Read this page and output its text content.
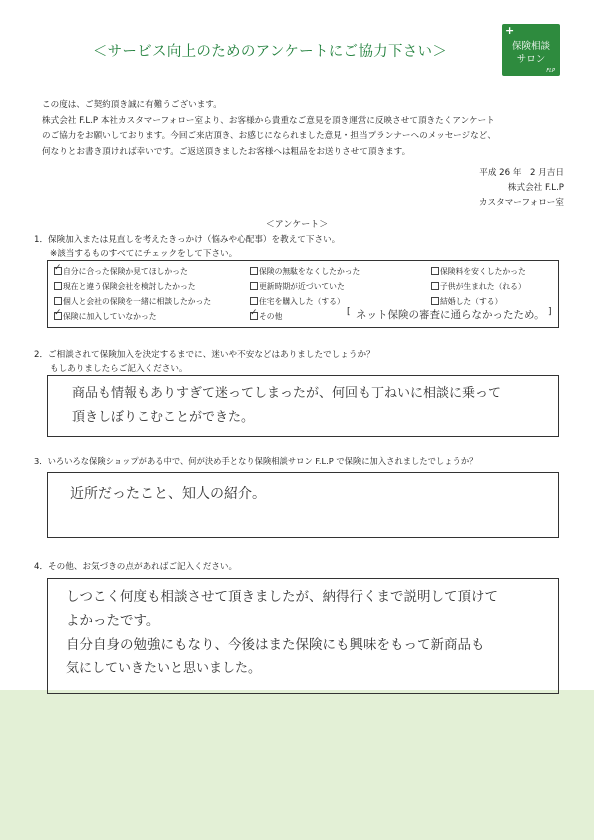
＜サービス向上のためのアンケートにご協力下さい＞
+
保険相談
サロン
FLP
この度は、ご契約頂き誠に有難うございます。
株式会社 F.L.P 本社カスタマーフォロー室より、お客様から貴重なご意見を頂き運営に反映させて頂きたくアンケート
のご協力をお願いしております。今回ご来店頂き、お感じになられました意見・担当プランナーへのメッセージなど、
何なりとお書き頂ければ幸いです。ご返送頂きましたお客様へは粗品をお送りさせて頂きます。
平成 26 年　2 月吉日
株式会社 F.L.P
カスタマーフォロー室
＜アンケート＞
1．保険加入または見直しを考えたきっかけ（悩みや心配事）を教えて下さい。
※該当するものすべてにチェックをして下さい。
✓自分に合った保険か見てほしかった	保険の無駄をなくしたかった	保険料を安くしたかった
現在と違う保険会社を検討したかった	更新時期が近づいていた	子供が生まれた（れる）
個人と会社の保険を一緒に相談したかった	住宅を購入した（する）	結婚した（する）
✓保険に加入していなかった
✓	その他	[ ネット保険の審査に通らなかったため。 ]
2．ご相談されて保険加入を決定するまでに、迷いや不安などはありましたでしょうか？
もしありましたらご記入ください。
商品も情報もありすぎて迷ってしまったが、何回も丁ねいに相談に乗って
頂きしぼりこむことができた。
3．いろいろな保険ショップがある中で、何が決め手となり保険相談サロン F.L.P で保険に加入されましたでしょうか？
近所だったこと、知人の紹介。
4．その他、お気づきの点があればご記入ください。
しつこく何度も相談させて頂きましたが、納得行くまで説明して頂けて
よかったです。
自分自身の勉強にもなり、今後はまた保険にも興味をもって新商品も
気にしていきたいと思いました。
